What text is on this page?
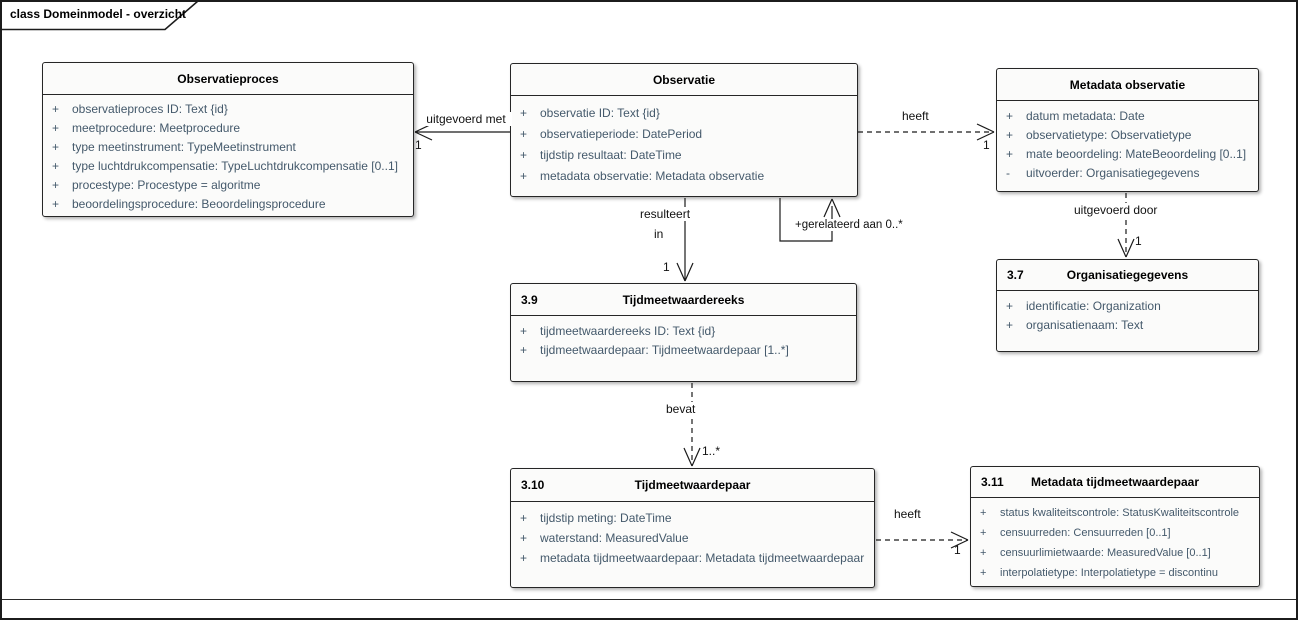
class Domeinmodel - overzicht
Observatieproces
+	observatieproces ID: Text {id}
+	meetprocedure: Meetprocedure
+	type meetinstrument: TypeMeetinstrument
+	type luchtdrukcompensatie: TypeLuchtdrukcompensatie [0..1]
+	procestype: Procestype = algoritme
+	beoordelingsprocedure: Beoordelingsprocedure
Observatie
+	observatie ID: Text {id}
+	observatieperiode: DatePeriod
+	tijdstip resultaat: DateTime
+	metadata observatie: Metadata observatie
Metadata observatie
+	datum metadata: Date
+	observatietype: Observatietype
+	mate beoordeling: MateBeoordeling [0..1]
-	uitvoerder: Organisatiegegevens
3.7	Organisatiegegevens
+	identificatie: Organization
+	organisatienaam: Text
3.9	Tijdmeetwaardereeks
+	tijdmeetwaardereeks ID: Text {id}
+	tijdmeetwaardepaar: Tijdmeetwaardepaar [1..*]
3.10	Tijdmeetwaardepaar
+	tijdstip meting: DateTime
+	waterstand: MeasuredValue
+	metadata tijdmeetwaardepaar: Metadata tijdmeetwaardepaar
3.11 Metadata tijdmeetwaardepaar
+	status kwaliteitscontrole: StatusKwaliteitscontrole
+	censuurreden: Censuurreden [0..1]
+	censuurlimietwaarde: MeasuredValue [0..1]
+	interpolatietype: Interpolatietype = discontinu
uitgevoerd met
1
heeft
1
resulteert
in
1
+gerelateerd aan 0..*
uitgevoerd door
1
bevat
1..*
heeft
1
